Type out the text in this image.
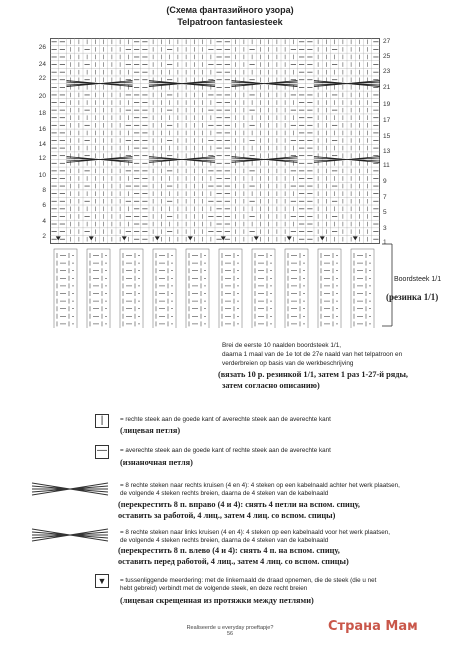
(Схема фантазийного узора)
Telpatroon fantasiesteek
26
24
22
20
18
16
14
12
10
8
6
4
2
27
25
23
21
19
17
15
13
11
9
7
5
3
1
Boordsteek 1/1
(резинка 1/1)
Brei de eerste 10 naalden boordsteek 1/1,
daarna 1 maal van de 1e tot de 27e naald van het telpatroon en
verderbreien op basis van de werkbeschrijving
(вязать 10 р. резинкой 1/1, затем 1 раз 1-27-й ряды,
затем согласно описанию)
|	= rechte steek aan de goede kant of averechte steek aan de averechte kant
(лицевая петля)
— = averechte steek aan de goede kant of rechte steek aan de averechte kant
(изнаночная петля)
= 8 rechte steken naar rechts kruisen (4 en 4): 4 steken op een kabelnaald achter het werk plaatsen,
de volgende 4 steken rechts breien, daarna de 4 steken van de kabelnaald
(перекрестить 8 п. вправо (4 и 4): снять 4 петли на вспом. спицу,
оставить за работой, 4 лиц., затем 4 лиц. со вспом. спицы)
= 8 rechte steken naar links kruisen (4 en 4): 4 steken op een kabelnaald voor het werk plaatsen,
de volgende 4 steken rechts breien, daarna de 4 steken van de kabelnaald
(перекрестить 8 п. влево (4 и 4): снять 4 п. на вспом. спицу,
оставить перед работой, 4 лиц., затем 4 лиц. со вспом. спицы)
▼ = tussenliggende meerdering: met de linkernaald de draad opnemen, die de steek (die u net
hebt gebreid) verbindt met de volgende steek, en deze recht breien
(лицевая скрещенная из протяжки между петлями)
Realiseerde u everyday proeftapje?
56	Страна Мам
